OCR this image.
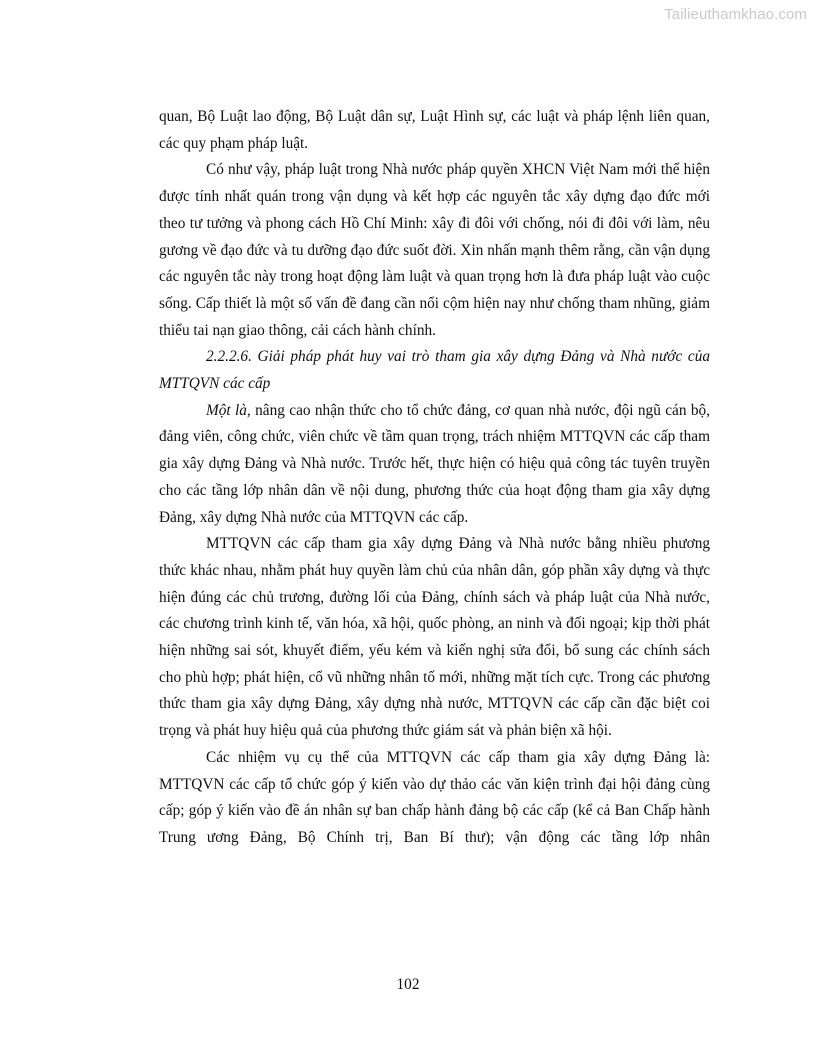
Tailieuthamkhao.com

quan, Bộ Luật lao động, Bộ Luật dân sự, Luật Hình sự, các luật và pháp lệnh liên quan, các quy phạm pháp luật.

Có như vậy, pháp luật trong Nhà nước pháp quyền XHCN Việt Nam mới thể hiện được tính nhất quán trong vận dụng và kết hợp các nguyên tắc xây dựng đạo đức mới theo tư tưởng và phong cách Hồ Chí Minh: xây đi đôi với chống, nói đi đôi với làm, nêu gương về đạo đức và tu dưỡng đạo đức suốt đời. Xin nhấn mạnh thêm rằng, cần vận dụng các nguyên tắc này trong hoạt động làm luật và quan trọng hơn là đưa pháp luật vào cuộc sống. Cấp thiết là một số vấn đề đang cần nổi cộm hiện nay như chống tham nhũng, giảm thiểu tai nạn giao thông, cải cách hành chính.

2.2.2.6. Giải pháp phát huy vai trò tham gia xây dựng Đảng và Nhà nước của MTTQVN các cấp

Một là, nâng cao nhận thức cho tổ chức đảng, cơ quan nhà nước, đội ngũ cán bộ, đảng viên, công chức, viên chức về tầm quan trọng, trách nhiệm MTTQVN các cấp tham gia xây dựng Đảng và Nhà nước. Trước hết, thực hiện có hiệu quả công tác tuyên truyền cho các tầng lớp nhân dân về nội dung, phương thức của hoạt động tham gia xây dựng Đảng, xây dựng Nhà nước của MTTQVN các cấp.

MTTQVN các cấp tham gia xây dựng Đảng và Nhà nước bằng nhiều phương thức khác nhau, nhằm phát huy quyền làm chủ của nhân dân, góp phần xây dựng và thực hiện đúng các chủ trương, đường lối của Đảng, chính sách và pháp luật của Nhà nước, các chương trình kinh tế, văn hóa, xã hội, quốc phòng, an ninh và đối ngoại; kịp thời phát hiện những sai sót, khuyết điểm, yếu kém và kiến nghị sửa đổi, bổ sung các chính sách cho phù hợp; phát hiện, cổ vũ những nhân tố mới, những mặt tích cực. Trong các phương thức tham gia xây dựng Đảng, xây dựng nhà nước, MTTQVN các cấp cần đặc biệt coi trọng và phát huy hiệu quả của phương thức giám sát và phản biện xã hội.

Các nhiệm vụ cụ thể của MTTQVN các cấp tham gia xây dựng Đảng là: MTTQVN các cấp tổ chức góp ý kiến vào dự thảo các văn kiện trình đại hội đảng cùng cấp; góp ý kiến vào đề án nhân sự ban chấp hành đảng bộ các cấp (kể cả Ban Chấp hành Trung ương Đảng, Bộ Chính trị, Ban Bí thư); vận động các tầng lớp nhân

102
